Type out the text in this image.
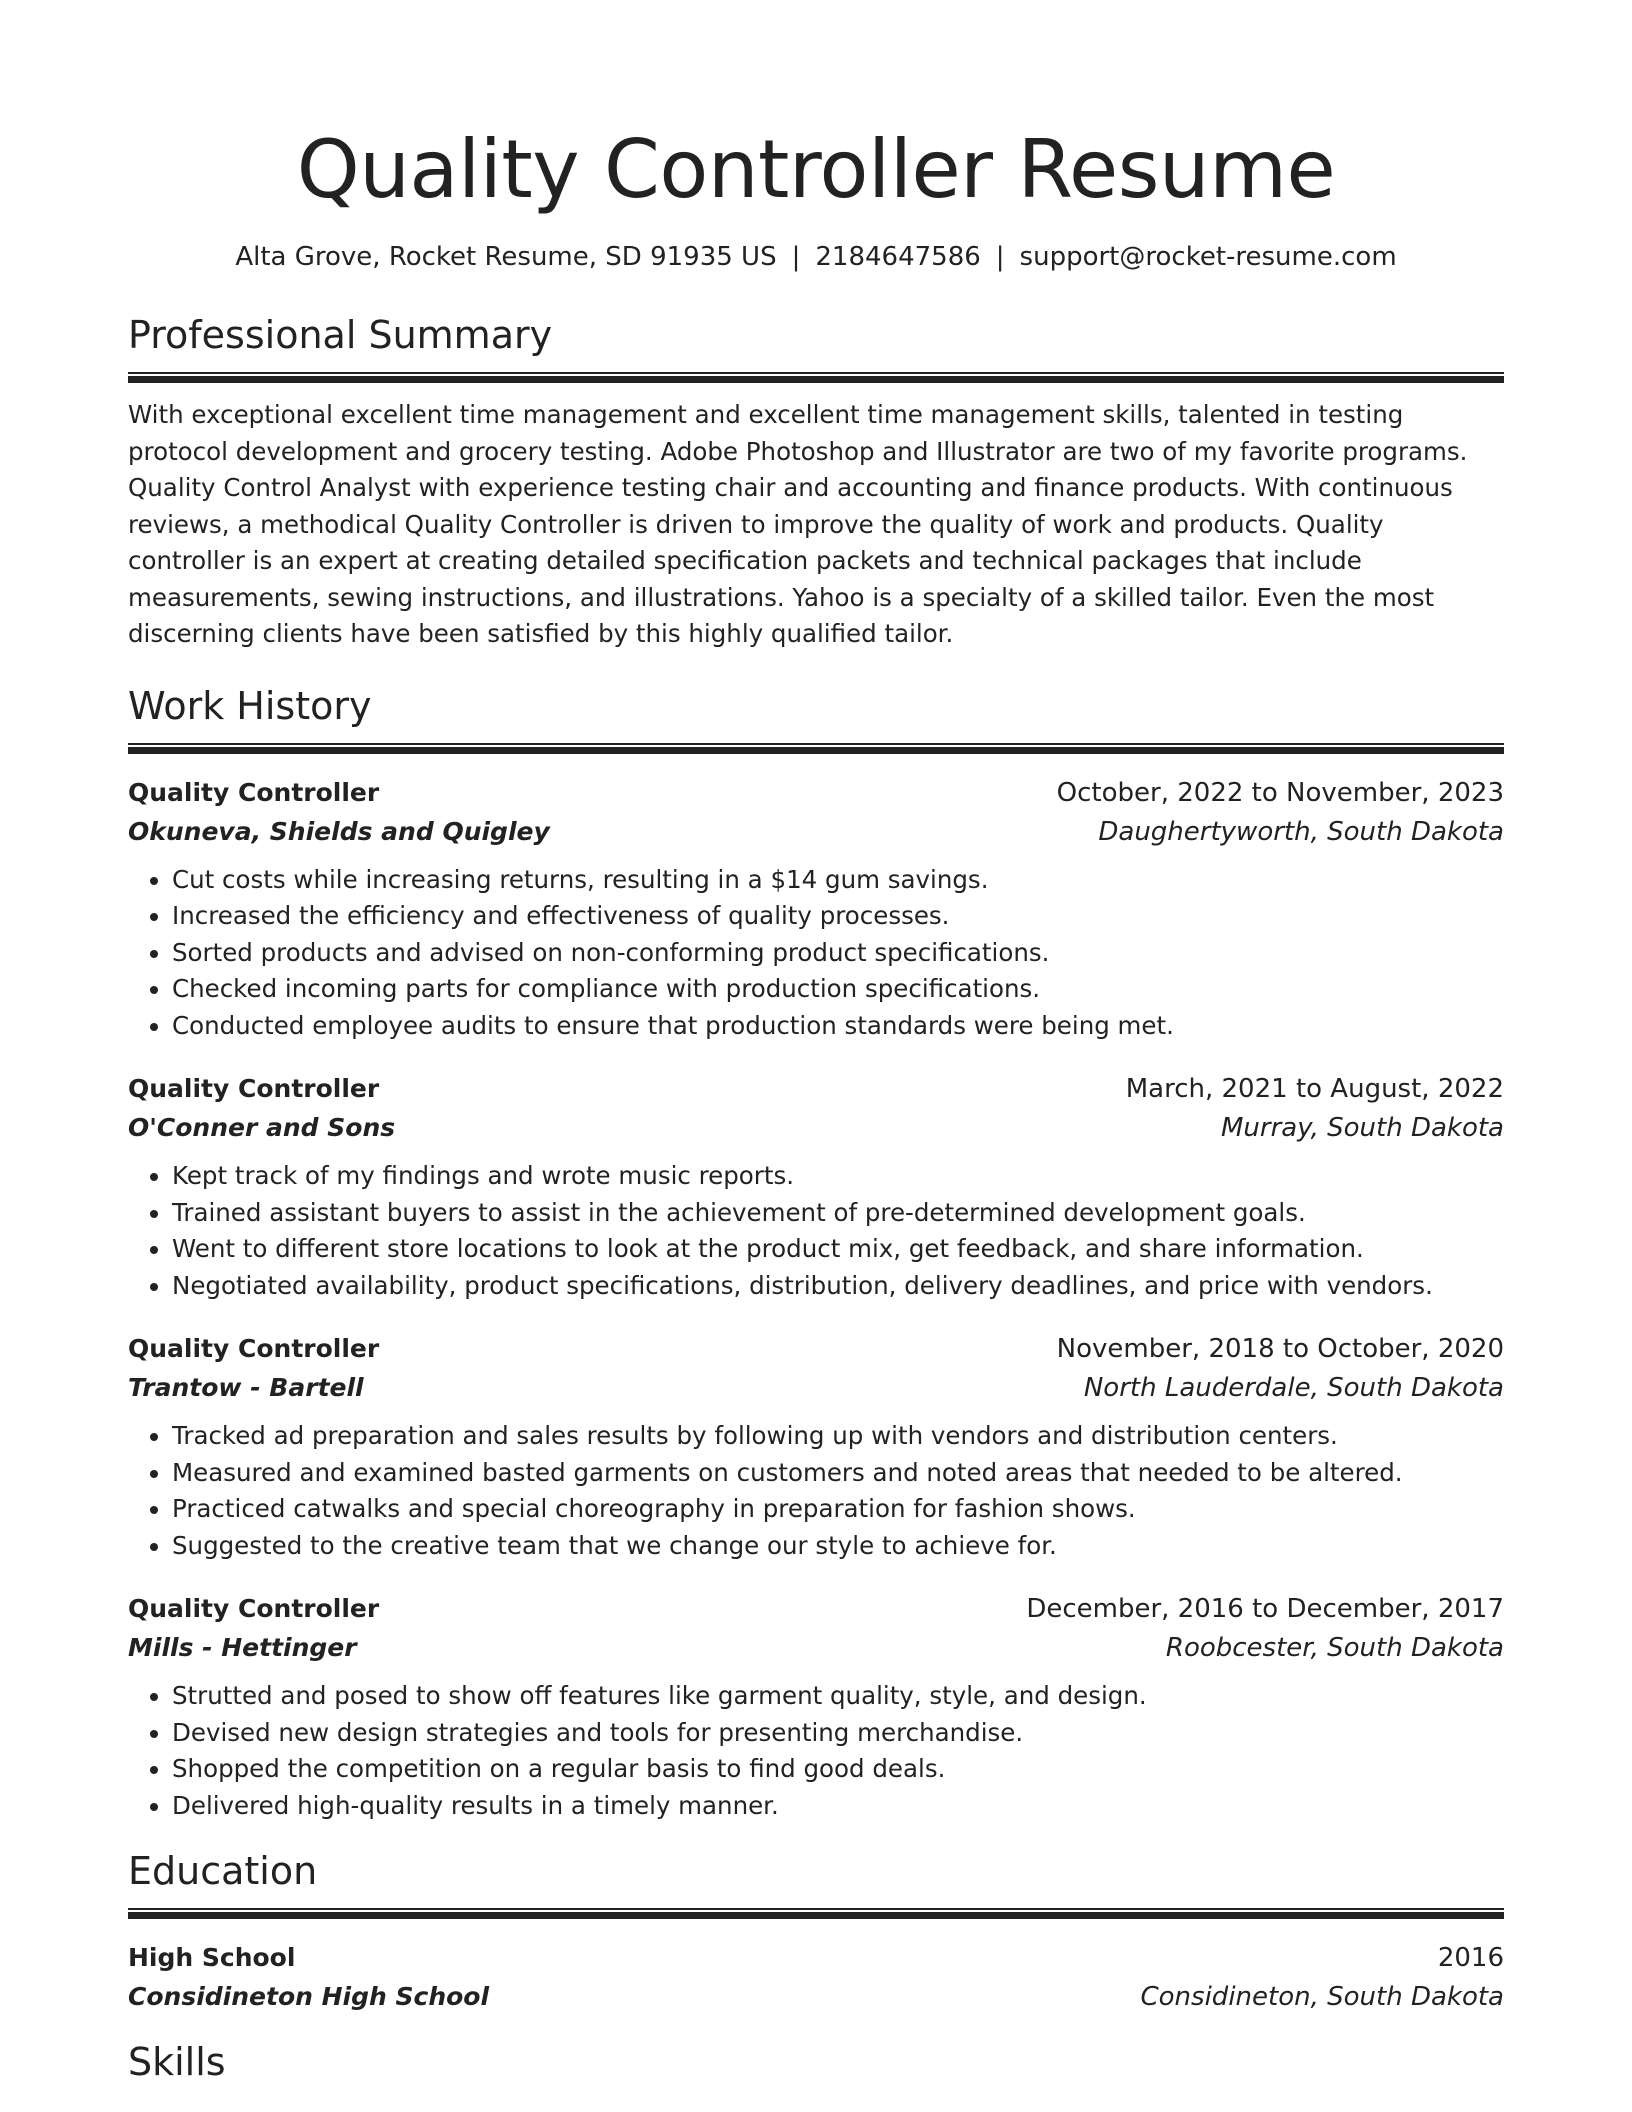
Quality Controller Resume
Alta Grove, Rocket Resume, SD 91935 US | 2184647586 | support@rocket-resume.com
Professional Summary
With exceptional excellent time management and excellent time management skills, talented in testing protocol development and grocery testing. Adobe Photoshop and Illustrator are two of my favorite programs. Quality Control Analyst with experience testing chair and accounting and finance products. With continuous reviews, a methodical Quality Controller is driven to improve the quality of work and products. Quality controller is an expert at creating detailed specification packets and technical packages that include measurements, sewing instructions, and illustrations. Yahoo is a specialty of a skilled tailor. Even the most discerning clients have been satisfied by this highly qualified tailor.
Work History
Quality Controller	October, 2022 to November, 2023
Okuneva, Shields and Quigley	Daughertyworth, South Dakota
• Cut costs while increasing returns, resulting in a $14 gum savings.
• Increased the efficiency and effectiveness of quality processes.
• Sorted products and advised on non-conforming product specifications.
• Checked incoming parts for compliance with production specifications.
• Conducted employee audits to ensure that production standards were being met.
Quality Controller	March, 2021 to August, 2022
O'Conner and Sons	Murray, South Dakota
• Kept track of my findings and wrote music reports.
• Trained assistant buyers to assist in the achievement of pre-determined development goals.
• Went to different store locations to look at the product mix, get feedback, and share information.
• Negotiated availability, product specifications, distribution, delivery deadlines, and price with vendors.
Quality Controller	November, 2018 to October, 2020
Trantow - Bartell	North Lauderdale, South Dakota
• Tracked ad preparation and sales results by following up with vendors and distribution centers.
• Measured and examined basted garments on customers and noted areas that needed to be altered.
• Practiced catwalks and special choreography in preparation for fashion shows.
• Suggested to the creative team that we change our style to achieve for.
Quality Controller	December, 2016 to December, 2017
Mills - Hettinger	Roobcester, South Dakota
• Strutted and posed to show off features like garment quality, style, and design.
• Devised new design strategies and tools for presenting merchandise.
• Shopped the competition on a regular basis to find good deals.
• Delivered high-quality results in a timely manner.
Education
High School	2016
Considineton High School	Considineton, South Dakota
Skills
